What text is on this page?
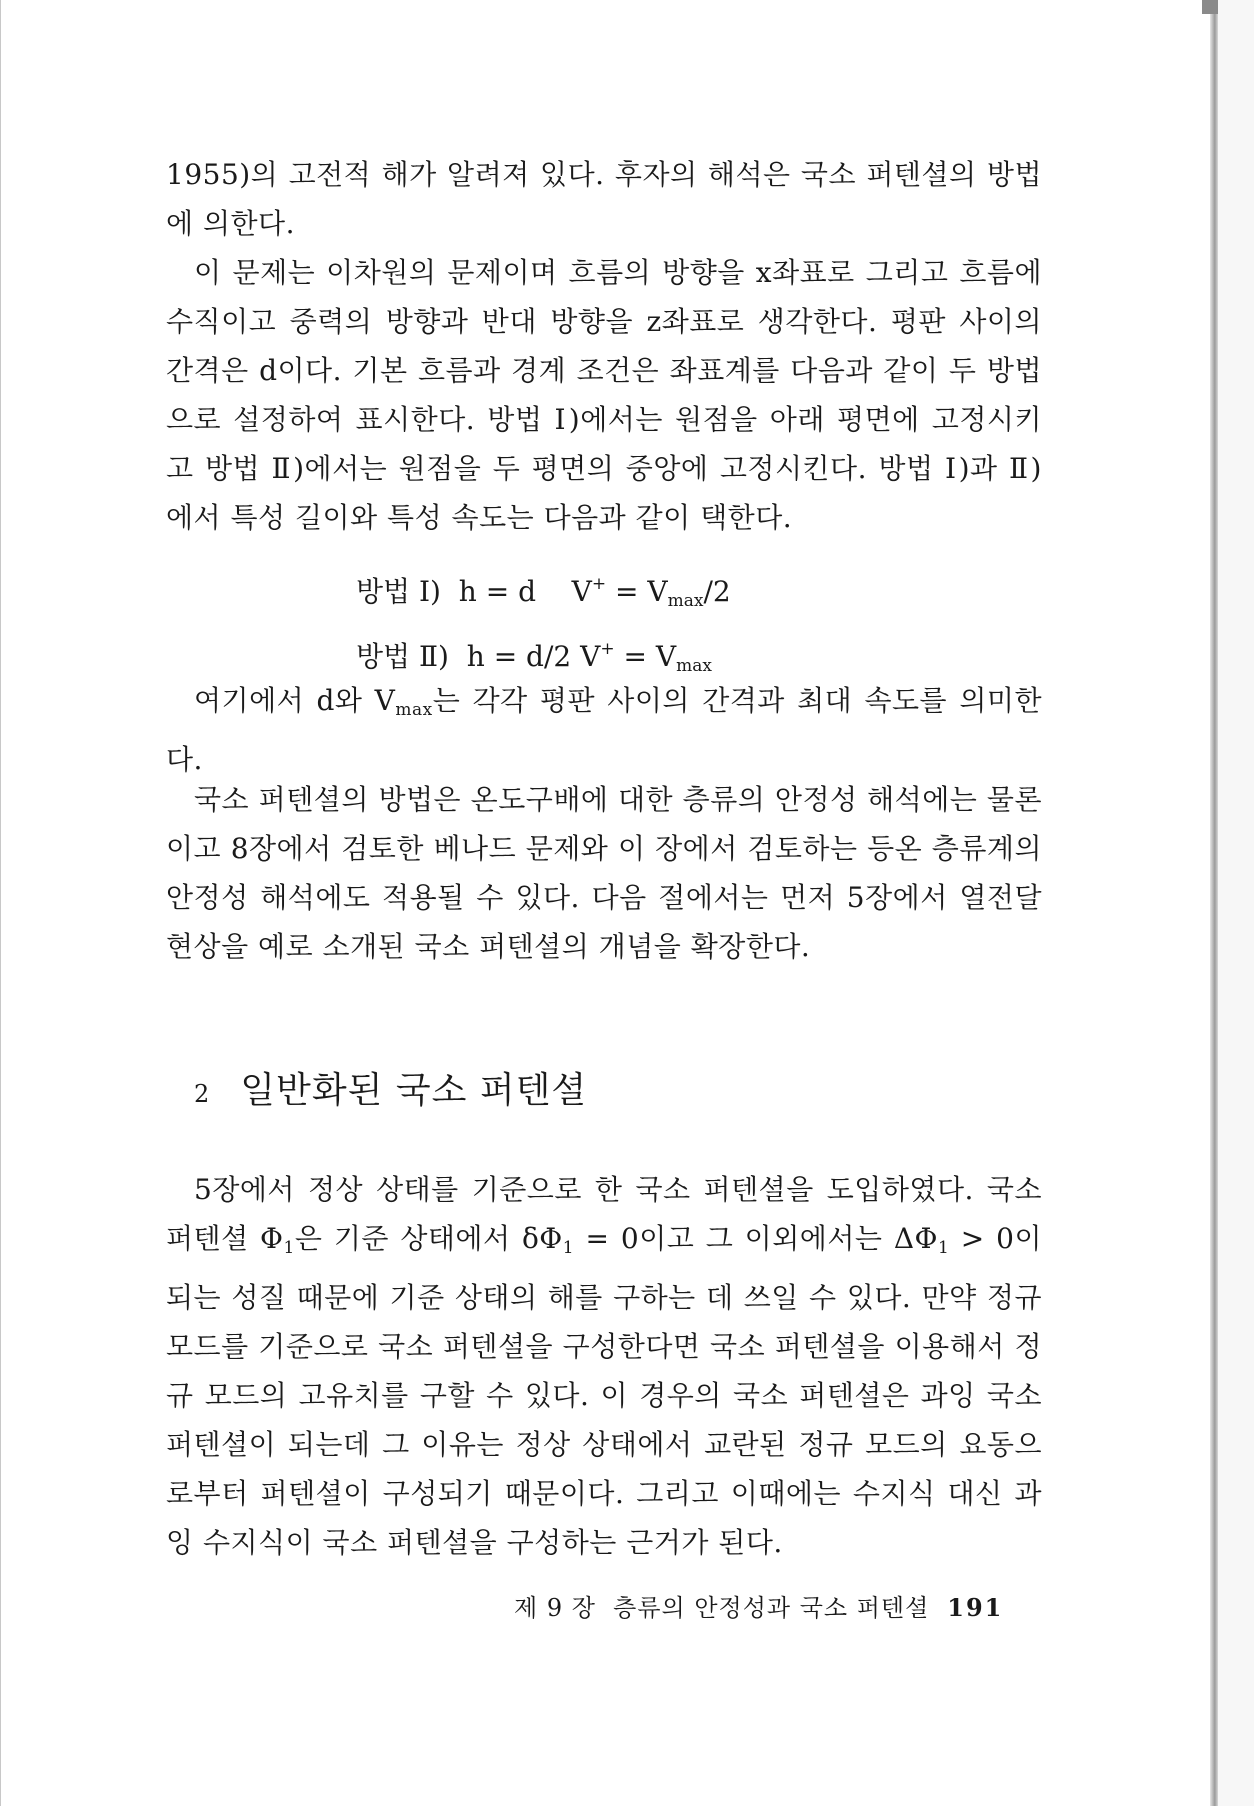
1955)의 고전적 해가 알려져 있다. 후자의 해석은 국소 퍼텐셜의 방법에 의한다.

이 문제는 이차원의 문제이며 흐름의 방향을 x좌표로 그리고 흐름에 수직이고 중력의 방향과 반대 방향을 z좌표로 생각한다. 평판 사이의 간격은 d이다. 기본 흐름과 경계 조건은 좌표계를 다음과 같이 두 방법으로 설정하여 표시한다. 방법 Ⅰ)에서는 원점을 아래 평면에 고정시키고 방법 Ⅱ)에서는 원점을 두 평면의 중앙에 고정시킨다. 방법 Ⅰ)과 Ⅱ)에서 특성 길이와 특성 속도는 다음과 같이 택한다.

방법 Ⅰ) h = d $V^+ = V_{max}/2$
방법 Ⅱ) h = d/2 $V^+ = V_{max}$

여기에서 d와 $V_{max}$는 각각 평판 사이의 간격과 최대 속도를 의미한다.

국소 퍼텐셜의 방법은 온도구배에 대한 층류의 안정성 해석에는 물론이고 8장에서 검토한 베나드 문제와 이 장에서 검토하는 등온 층류계의 안정성 해석에도 적용될 수 있다. 다음 절에서는 먼저 5장에서 열전달 현상을 예로 소개된 국소 퍼텐셜의 개념을 확장한다.

2 일반화된 국소 퍼텐셜

5장에서 정상 상태를 기준으로 한 국소 퍼텐셜을 도입하였다. 국소 퍼텐셜 $\Phi_1$은 기준 상태에서 $\delta\Phi_1 = 0$이고 그 이외에서는 $\Delta\Phi_1 > 0$이 되는 성질 때문에 기준 상태의 해를 구하는 데 쓰일 수 있다. 만약 정규 모드를 기준으로 국소 퍼텐셜을 구성한다면 국소 퍼텐셜을 이용해서 정규 모드의 고유치를 구할 수 있다. 이 경우의 국소 퍼텐셜은 과잉 국소 퍼텐셜이 되는데 그 이유는 정상 상태에서 교란된 정규 모드의 요동으로부터 퍼텐셜이 구성되기 때문이다. 그리고 이때에는 수지식 대신 과잉 수지식이 국소 퍼텐셜을 구성하는 근거가 된다.

제 9 장 층류의 안정성과 국소 퍼텐셜 191
